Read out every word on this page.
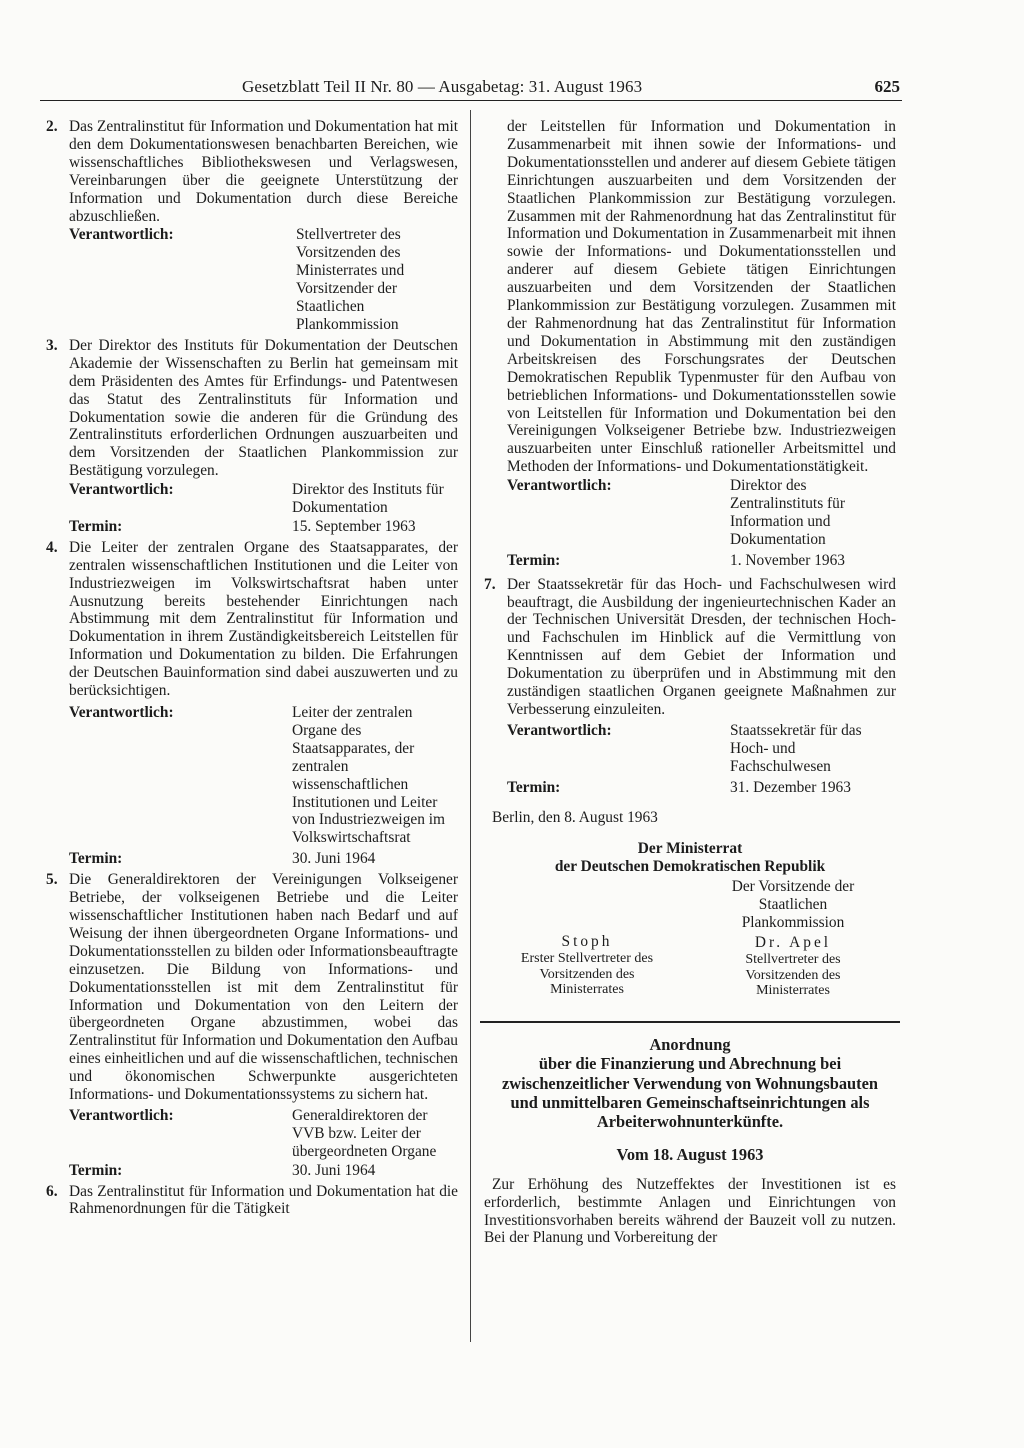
Gesetzblatt Teil II Nr. 80 — Ausgabetag: 31. August 1963	625
2. Das Zentralinstitut für Information und Dokumentation hat mit den dem Dokumentationswesen benachbarten Bereichen, wie wissenschaftliches Bibliothekswesen und Verlagswesen, Vereinbarungen über die geeignete Unterstützung der Information und Dokumentation durch diese Bereiche abzuschließen.

Verantwortlich:	Stellvertreter des Vorsitzenden des Ministerrates und Vorsitzender der Staatlichen Plankommission
3. Der Direktor des Instituts für Dokumentation der Deutschen Akademie der Wissenschaften zu Berlin hat gemeinsam mit dem Präsidenten des Amtes für Erfindungs- und Patentwesen das Statut des Zentralinstituts für Information und Dokumentation sowie die anderen für die Gründung des Zentralinstituts erforderlichen Ordnungen auszuarbeiten und dem Vorsitzenden der Staatlichen Plankommission zur Bestätigung vorzulegen.

Verantwortlich:	Direktor des Instituts für Dokumentation
Termin:	15. September 1963
4. Die Leiter der zentralen Organe des Staatsapparates, der zentralen wissenschaftlichen Institutionen und die Leiter von Industriezweigen im Volkswirtschaftsrat haben unter Ausnutzung bereits bestehender Einrichtungen nach Abstimmung mit dem Zentralinstitut für Information und Dokumentation in ihrem Zuständigkeitsbereich Leitstellen für Information und Dokumentation zu bilden. Die Erfahrungen der Deutschen Bauinformation sind dabei auszuwerten und zu berücksichtigen.

Verantwortlich:	Leiter der zentralen Organe des Staatsapparates, der zentralen wissenschaftlichen Institutionen und Leiter von Industriezweigen im Volkswirtschaftsrat
Termin:	30. Juni 1964
5. Die Generaldirektoren der Vereinigungen Volkseigener Betriebe, der volkseigenen Betriebe und die Leiter wissenschaftlicher Institutionen haben nach Bedarf und auf Weisung der ihnen übergeordneten Organe Informations- und Dokumentationsstellen zu bilden oder Informationsbeauftragte einzusetzen. Die Bildung von Informations- und Dokumentationsstellen ist mit dem Zentralinstitut für Information und Dokumentation von den Leitern der übergeordneten Organe abzustimmen, wobei das Zentralinstitut für Information und Dokumentation den Aufbau eines einheitlichen und auf die wissenschaftlichen, technischen und ökonomischen Schwerpunkte ausgerichteten Informations- und Dokumentationssystems zu sichern hat.

Verantwortlich:	Generaldirektoren der VVB bzw. Leiter der übergeordneten Organe
Termin:	30. Juni 1964
6. Das Zentralinstitut für Information und Dokumentation hat die Rahmenordnungen für die Tätigkeit

der Leitstellen für Information und Dokumentation in Zusammenarbeit mit ihnen sowie der Informations- und Dokumentationsstellen und anderer auf diesem Gebiete tätigen Einrichtungen auszuarbeiten und dem Vorsitzenden der Staatlichen Plankommission zur Bestätigung vorzulegen. Zusammen mit der Rahmenordnung hat das Zentralinstitut für Information und Dokumentation in Zusammenarbeit mit ihnen sowie der Informations- und Dokumentationsstellen und anderer auf diesem Gebiete tätigen Einrichtungen auszuarbeiten und dem Vorsitzenden der Staatlichen Plankommission zur Bestätigung vorzulegen. Zusammen mit der Rahmenordnung hat das Zentralinstitut für Information und Dokumentation in Abstimmung mit den zuständigen Arbeitskreisen des Forschungsrates der Deutschen Demokratischen Republik Typenmuster für den Aufbau von betrieblichen Informations- und Dokumentationsstellen sowie von Leitstellen für Information und Dokumentation bei den Vereinigungen Volkseigener Betriebe bzw. Industriezweigen auszuarbeiten unter Einschluß rationeller Arbeitsmittel und Methoden der Informations- und Dokumentationstätigkeit.

Verantwortlich:	Direktor des Zentralinstituts für Information und Dokumentation
Termin:	1. November 1963
7. Der Staatssekretär für das Hoch- und Fachschulwesen wird beauftragt, die Ausbildung der ingenieurtechnischen Kader an der Technischen Universität Dresden, der technischen Hoch- und Fachschulen im Hinblick auf die Vermittlung von Kenntnissen auf dem Gebiet der Information und Dokumentation zu überprüfen und in Abstimmung mit den zuständigen staatlichen Organen geeignete Maßnahmen zur Verbesserung einzuleiten.

Verantwortlich:	Staatssekretär für das Hoch- und Fachschulwesen
Termin:	31. Dezember 1963
Berlin, den 8. August 1963
Der Ministerrat
der Deutschen Demokratischen Republik
Stoph
Erster Stellvertreter des Vorsitzenden des Ministerrates
Der Vorsitzende der Staatlichen Plankommission
Dr. Apel
Stellvertreter des Vorsitzenden des Ministerrates
Anordnung
über die Finanzierung und Abrechnung bei zwischenzeitlicher Verwendung von Wohnungsbauten und unmittelbaren Gemeinschaftseinrichtungen als Arbeiterwohnunterkünfte.
Vom 18. August 1963
Zur Erhöhung des Nutzeffektes der Investitionen ist es erforderlich, bestimmte Anlagen und Einrichtungen von Investitionsvorhaben bereits während der Bauzeit voll zu nutzen. Bei der Planung und Vorbereitung der
